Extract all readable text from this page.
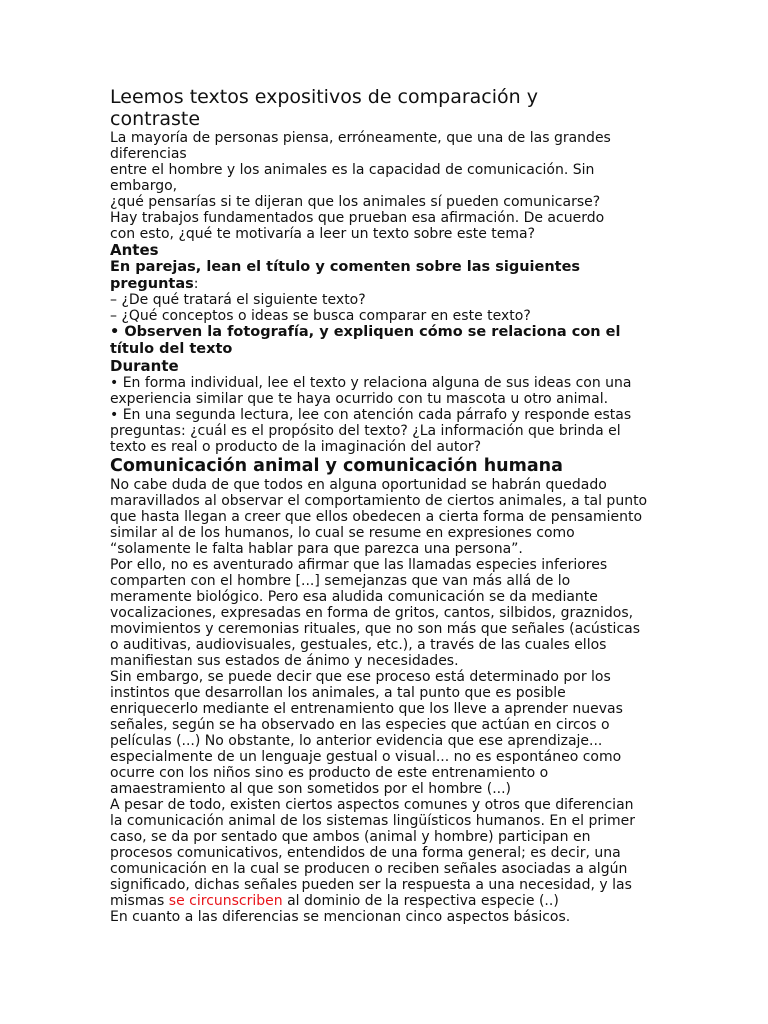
Leemos textos expositivos de comparación y

contraste

La mayoría de personas piensa, erróneamente, que una de las grandes

diferencias

entre el hombre y los animales es la capacidad de comunicación. Sin

embargo,

¿qué pensarías si te dijeran que los animales sí pueden comunicarse?

Hay trabajos fundamentados que prueban esa afirmación. De acuerdo

con esto, ¿qué te motivaría a leer un texto sobre este tema?

Antes

En parejas, lean el título y comenten sobre las siguientes

preguntas:

– ¿De qué tratará el siguiente texto?

– ¿Qué conceptos o ideas se busca comparar en este texto?

• Observen la fotografía, y expliquen cómo se relaciona con el

título del texto

Durante

• En forma individual, lee el texto y relaciona alguna de sus ideas con una

experiencia similar que te haya ocurrido con tu mascota u otro animal.

• En una segunda lectura, lee con atención cada párrafo y responde estas

preguntas: ¿cuál es el propósito del texto? ¿La información que brinda el

texto es real o producto de la imaginación del autor?

Comunicación animal y comunicación humana

No cabe duda de que todos en alguna oportunidad se habrán quedado

maravillados al observar el comportamiento de ciertos animales, a tal punto

que hasta llegan a creer que ellos obedecen a cierta forma de pensamiento

similar al de los humanos, lo cual se resume en expresiones como

“solamente le falta hablar para que parezca una persona”.

Por ello, no es aventurado afirmar que las llamadas especies inferiores

comparten con el hombre [...] semejanzas que van más allá de lo

meramente biológico. Pero esa aludida comunicación se da mediante

vocalizaciones, expresadas en forma de gritos, cantos, silbidos, graznidos,

movimientos y ceremonias rituales, que no son más que señales (acústicas

o auditivas, audiovisuales, gestuales, etc.), a través de las cuales ellos

manifiestan sus estados de ánimo y necesidades.

Sin embargo, se puede decir que ese proceso está determinado por los

instintos que desarrollan los animales, a tal punto que es posible

enriquecerlo mediante el entrenamiento que los lleve a aprender nuevas

señales, según se ha observado en las especies que actúan en circos o

películas (...) No obstante, lo anterior evidencia que ese aprendizaje...

especialmente de un lenguaje gestual o visual... no es espontáneo como

ocurre con los niños sino es producto de este entrenamiento o

amaestramiento al que son sometidos por el hombre (...)

A pesar de todo, existen ciertos aspectos comunes y otros que diferencian

la comunicación animal de los sistemas lingüísticos humanos. En el primer

caso, se da por sentado que ambos (animal y hombre) participan en

procesos comunicativos, entendidos de una forma general; es decir, una

comunicación en la cual se producen o reciben señales asociadas a algún

significado, dichas señales pueden ser la respuesta a una necesidad, y las

mismas se circunscriben al dominio de la respectiva especie (..)

En cuanto a las diferencias se mencionan cinco aspectos básicos.
